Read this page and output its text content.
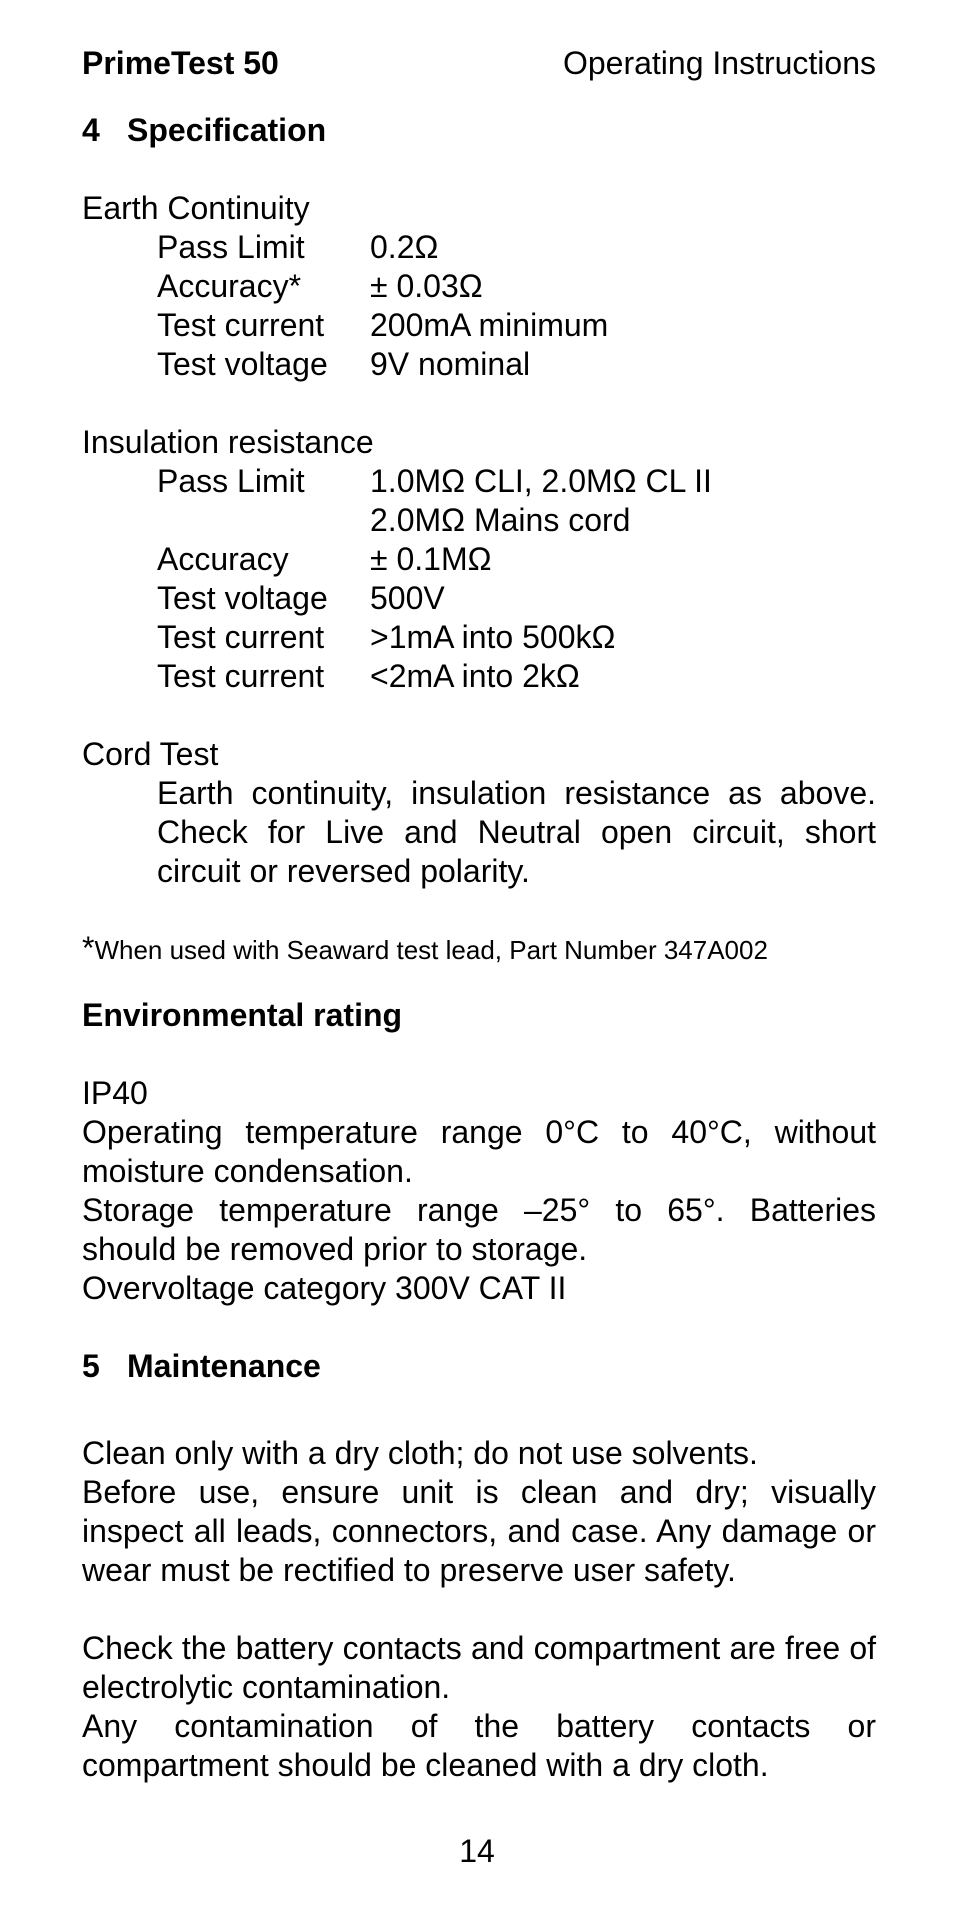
PrimeTest 50	Operating Instructions
4 Specification
Earth Continuity
Pass Limit	0.2Ω
Accuracy*	± 0.03Ω
Test current	200mA minimum
Test voltage	9V nominal
Insulation resistance
Pass Limit	1.0MΩ CLI, 2.0MΩ CL II
2.0MΩ Mains cord
Accuracy	± 0.1MΩ
Test voltage	500V
Test current	>1mA into 500kΩ
Test current	<2mA into 2kΩ
Cord Test
Earth continuity, insulation resistance as above. Check for Live and Neutral open circuit, short circuit or reversed polarity.
*When used with Seaward test lead, Part Number 347A002
Environmental rating

IP40

Operating temperature range 0°C to 40°C, without moisture condensation.

Storage temperature range –25° to 65°. Batteries should be removed prior to storage.

Overvoltage category 300V CAT II

5 Maintenance

Clean only with a dry cloth; do not use solvents.

Before use, ensure unit is clean and dry; visually inspect all leads, connectors, and case. Any damage or wear must be rectified to preserve user safety.

Check the battery contacts and compartment are free of electrolytic contamination.

Any contamination of the battery contacts or compartment should be cleaned with a dry cloth.

14
